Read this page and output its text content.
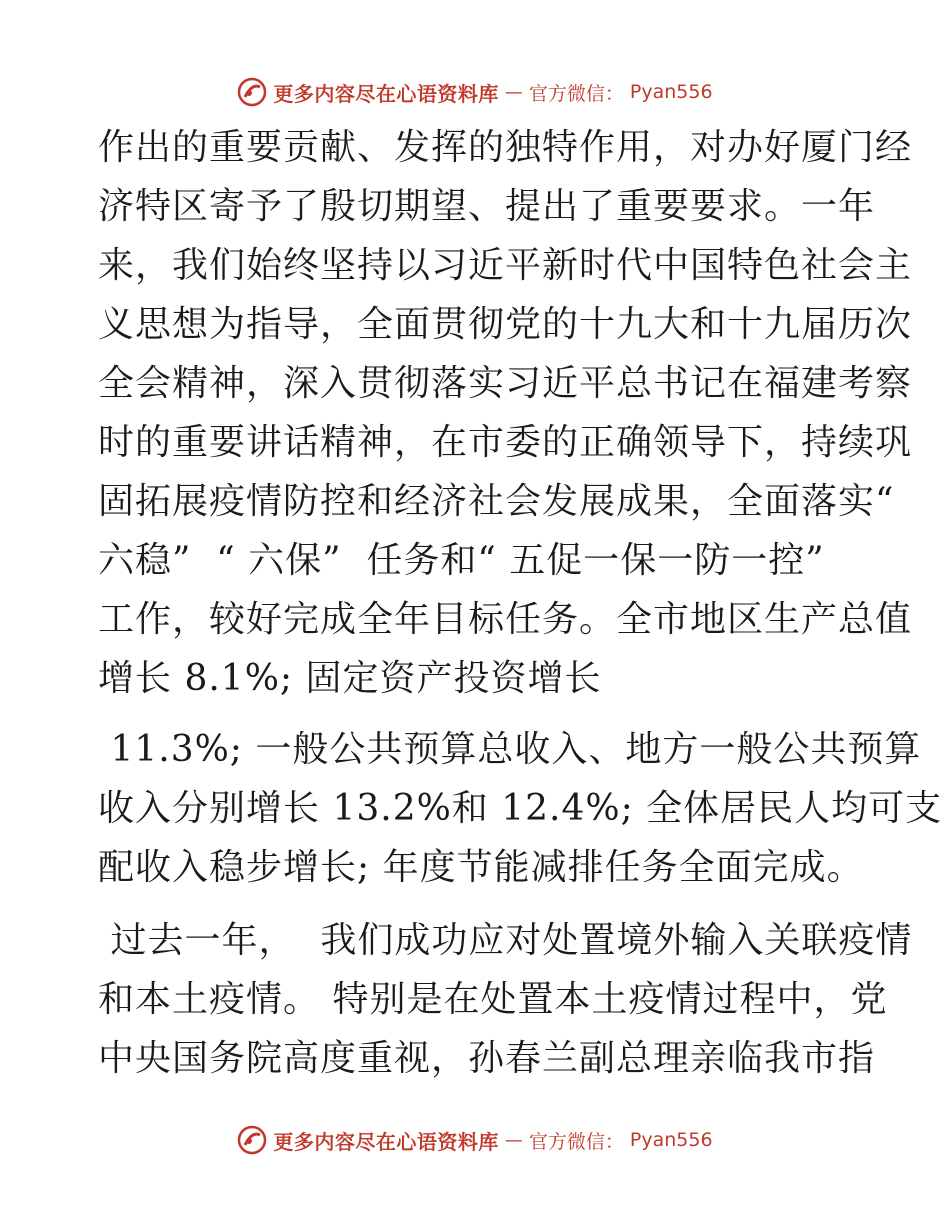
更多内容尽在心语资料库 — 官方微信： Pyan556
作出的重要贡献、发挥的独特作用，对办好厦门经
济特区寄予了殷切期望、提出了重要要求。一年
来，我们始终坚持以习近平新时代中国特色社会主
义思想为指导，全面贯彻党的十九大和十九届历次
全会精神，深入贯彻落实习近平总书记在福建考察
时的重要讲话精神，在市委的正确领导下，持续巩
固拓展疫情防控和经济社会发展成果，全面落实“
六稳”  “ 六保”  任务和“ 五促一保一防一控”
工作，较好完成全年目标任务。全市地区生产总值
增长 8.1%; 固定资产投资增长
11.3%; 一般公共预算总收入、地方一般公共预算
收入分别增长 13.2%和 12.4%; 全体居民人均可支
配收入稳步增长; 年度节能减排任务全面完成。
过去一年，  我们成功应对处置境外输入关联疫情
和本土疫情。 特别是在处置本土疫情过程中，党
中央国务院高度重视，孙春兰副总理亲临我市指
更多内容尽在心语资料库 — 官方微信： Pyan556
